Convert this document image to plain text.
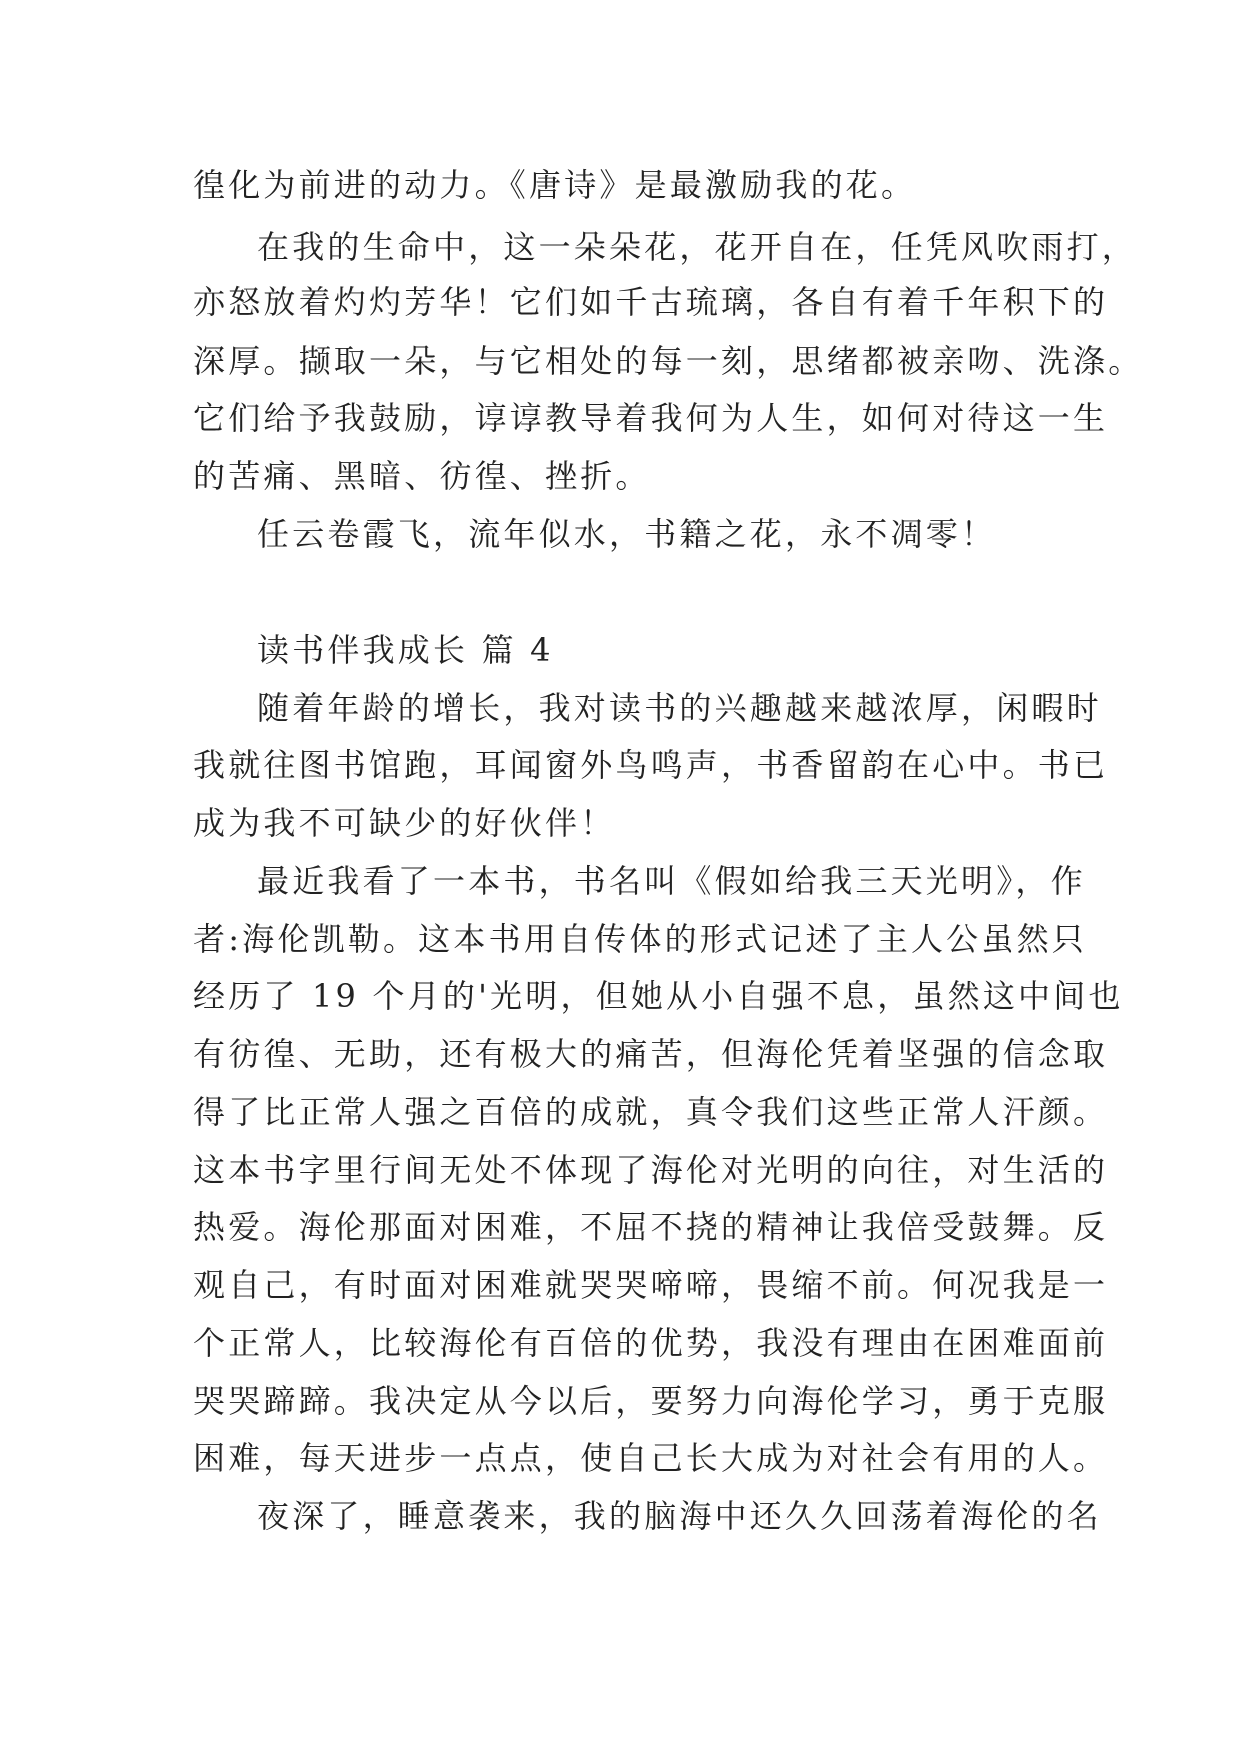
徨化为前进的动力。《唐诗》是最激励我的花。
在我的生命中，这一朵朵花，花开自在，任凭风吹雨打，
亦怒放着灼灼芳华！它们如千古琉璃，各自有着千年积下的
深厚。撷取一朵，与它相处的每一刻，思绪都被亲吻、洗涤。
它们给予我鼓励，谆谆教导着我何为人生，如何对待这一生
的苦痛、黑暗、彷徨、挫折。
任云卷霞飞，流年似水，书籍之花，永不凋零！
读书伴我成长 篇 4
随着年龄的增长，我对读书的兴趣越来越浓厚，闲暇时
我就往图书馆跑，耳闻窗外鸟鸣声，书香留韵在心中。书已
成为我不可缺少的好伙伴！
最近我看了一本书，书名叫《假如给我三天光明》，作
者:海伦凯勒。这本书用自传体的形式记述了主人公虽然只
经历了 19 个月的'光明，但她从小自强不息，虽然这中间也
有彷徨、无助，还有极大的痛苦，但海伦凭着坚强的信念取
得了比正常人强之百倍的成就，真令我们这些正常人汗颜。
这本书字里行间无处不体现了海伦对光明的向往，对生活的
热爱。海伦那面对困难，不屈不挠的精神让我倍受鼓舞。反
观自己，有时面对困难就哭哭啼啼，畏缩不前。何况我是一
个正常人，比较海伦有百倍的优势，我没有理由在困难面前
哭哭蹄蹄。我决定从今以后，要努力向海伦学习，勇于克服
困难，每天进步一点点，使自己长大成为对社会有用的人。
夜深了，睡意袭来，我的脑海中还久久回荡着海伦的名
